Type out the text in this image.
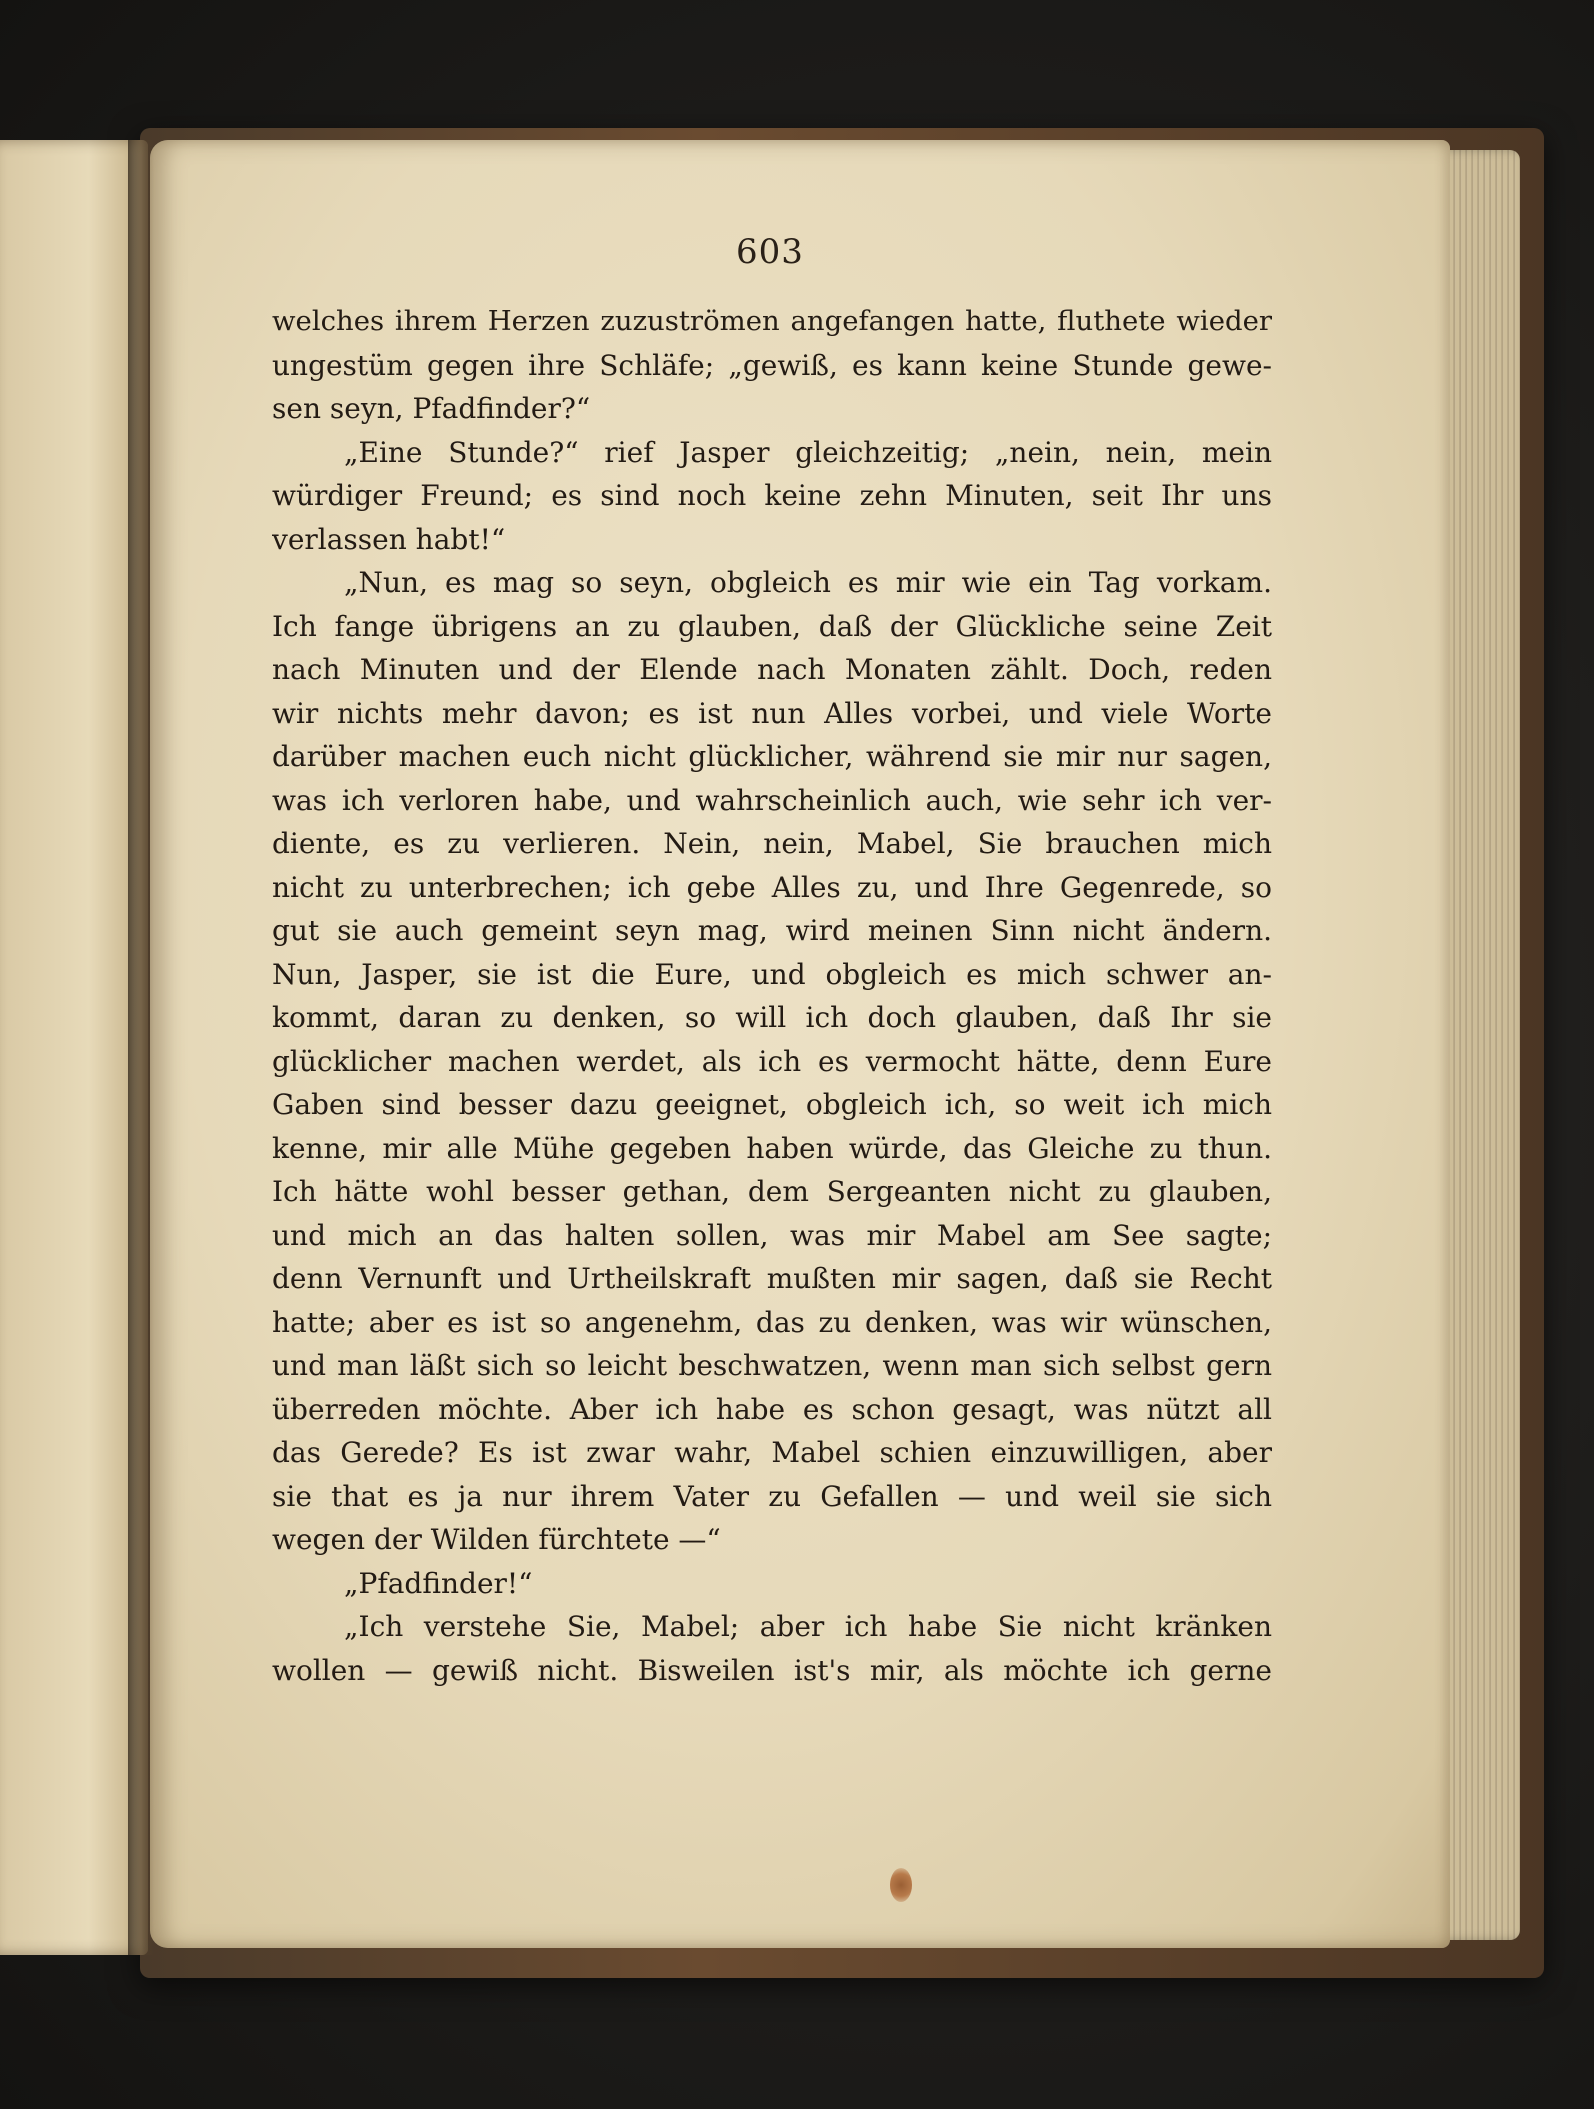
603
welches ihrem Herzen zuzuströmen angefangen hatte, fluthete wieder
ungestüm gegen ihre Schläfe; „gewiß, es kann keine Stunde gewe-
sen seyn, Pfadfinder?“
„Eine Stunde?“ rief Jasper gleichzeitig; „nein, nein, mein
würdiger Freund; es sind noch keine zehn Minuten, seit Ihr uns
verlassen habt!“
„Nun, es mag so seyn, obgleich es mir wie ein Tag vorkam.
Ich fange übrigens an zu glauben, daß der Glückliche seine Zeit
nach Minuten und der Elende nach Monaten zählt. Doch, reden
wir nichts mehr davon; es ist nun Alles vorbei, und viele Worte
darüber machen euch nicht glücklicher, während sie mir nur sagen,
was ich verloren habe, und wahrscheinlich auch, wie sehr ich ver-
diente, es zu verlieren. Nein, nein, Mabel, Sie brauchen mich
nicht zu unterbrechen; ich gebe Alles zu, und Ihre Gegenrede, so
gut sie auch gemeint seyn mag, wird meinen Sinn nicht ändern.
Nun, Jasper, sie ist die Eure, und obgleich es mich schwer an-
kommt, daran zu denken, so will ich doch glauben, daß Ihr sie
glücklicher machen werdet, als ich es vermocht hätte, denn Eure
Gaben sind besser dazu geeignet, obgleich ich, so weit ich mich
kenne, mir alle Mühe gegeben haben würde, das Gleiche zu thun.
Ich hätte wohl besser gethan, dem Sergeanten nicht zu glauben,
und mich an das halten sollen, was mir Mabel am See sagte;
denn Vernunft und Urtheilskraft mußten mir sagen, daß sie Recht
hatte; aber es ist so angenehm, das zu denken, was wir wünschen,
und man läßt sich so leicht beschwatzen, wenn man sich selbst gern
überreden möchte. Aber ich habe es schon gesagt, was nützt all
das Gerede? Es ist zwar wahr, Mabel schien einzuwilligen, aber
sie that es ja nur ihrem Vater zu Gefallen — und weil sie sich
wegen der Wilden fürchtete —“
„Pfadfinder!“
„Ich verstehe Sie, Mabel; aber ich habe Sie nicht kränken
wollen — gewiß nicht. Bisweilen ist's mir, als möchte ich gerne
